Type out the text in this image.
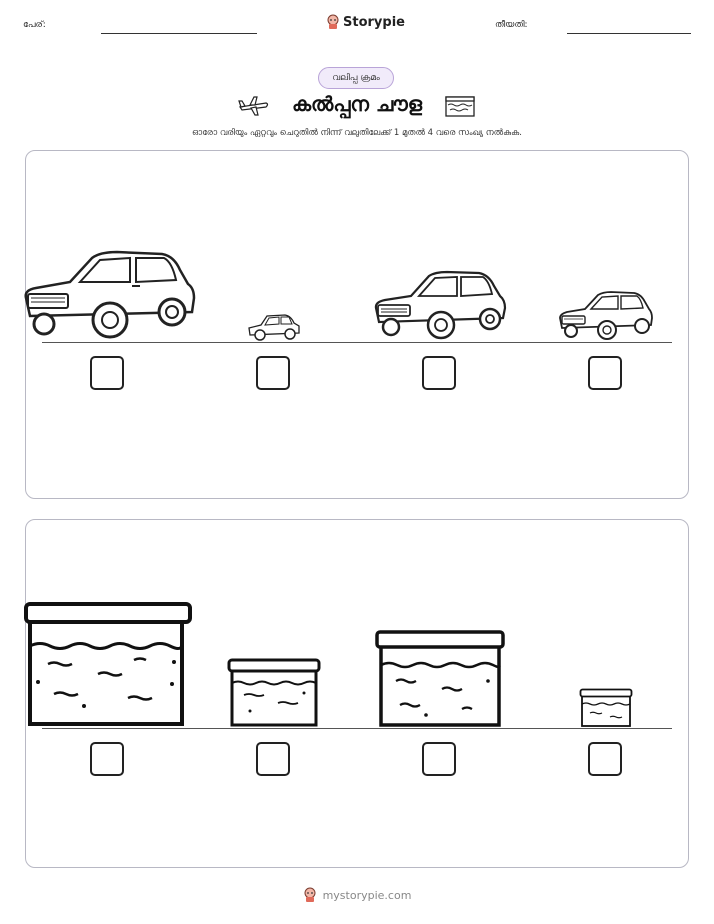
പേര്:	Storypie	തീയതി:
വലിപ്പ ക്രമം
കൽപ്പന ചൗള
ഓരോ വരിയും ഏറ്റവും ചെറുതിൽ നിന്ന് വലുതിലേക്ക് 1 മുതൽ 4 വരെ സംഖ്യ നൽകുക.
mystorypie.com
